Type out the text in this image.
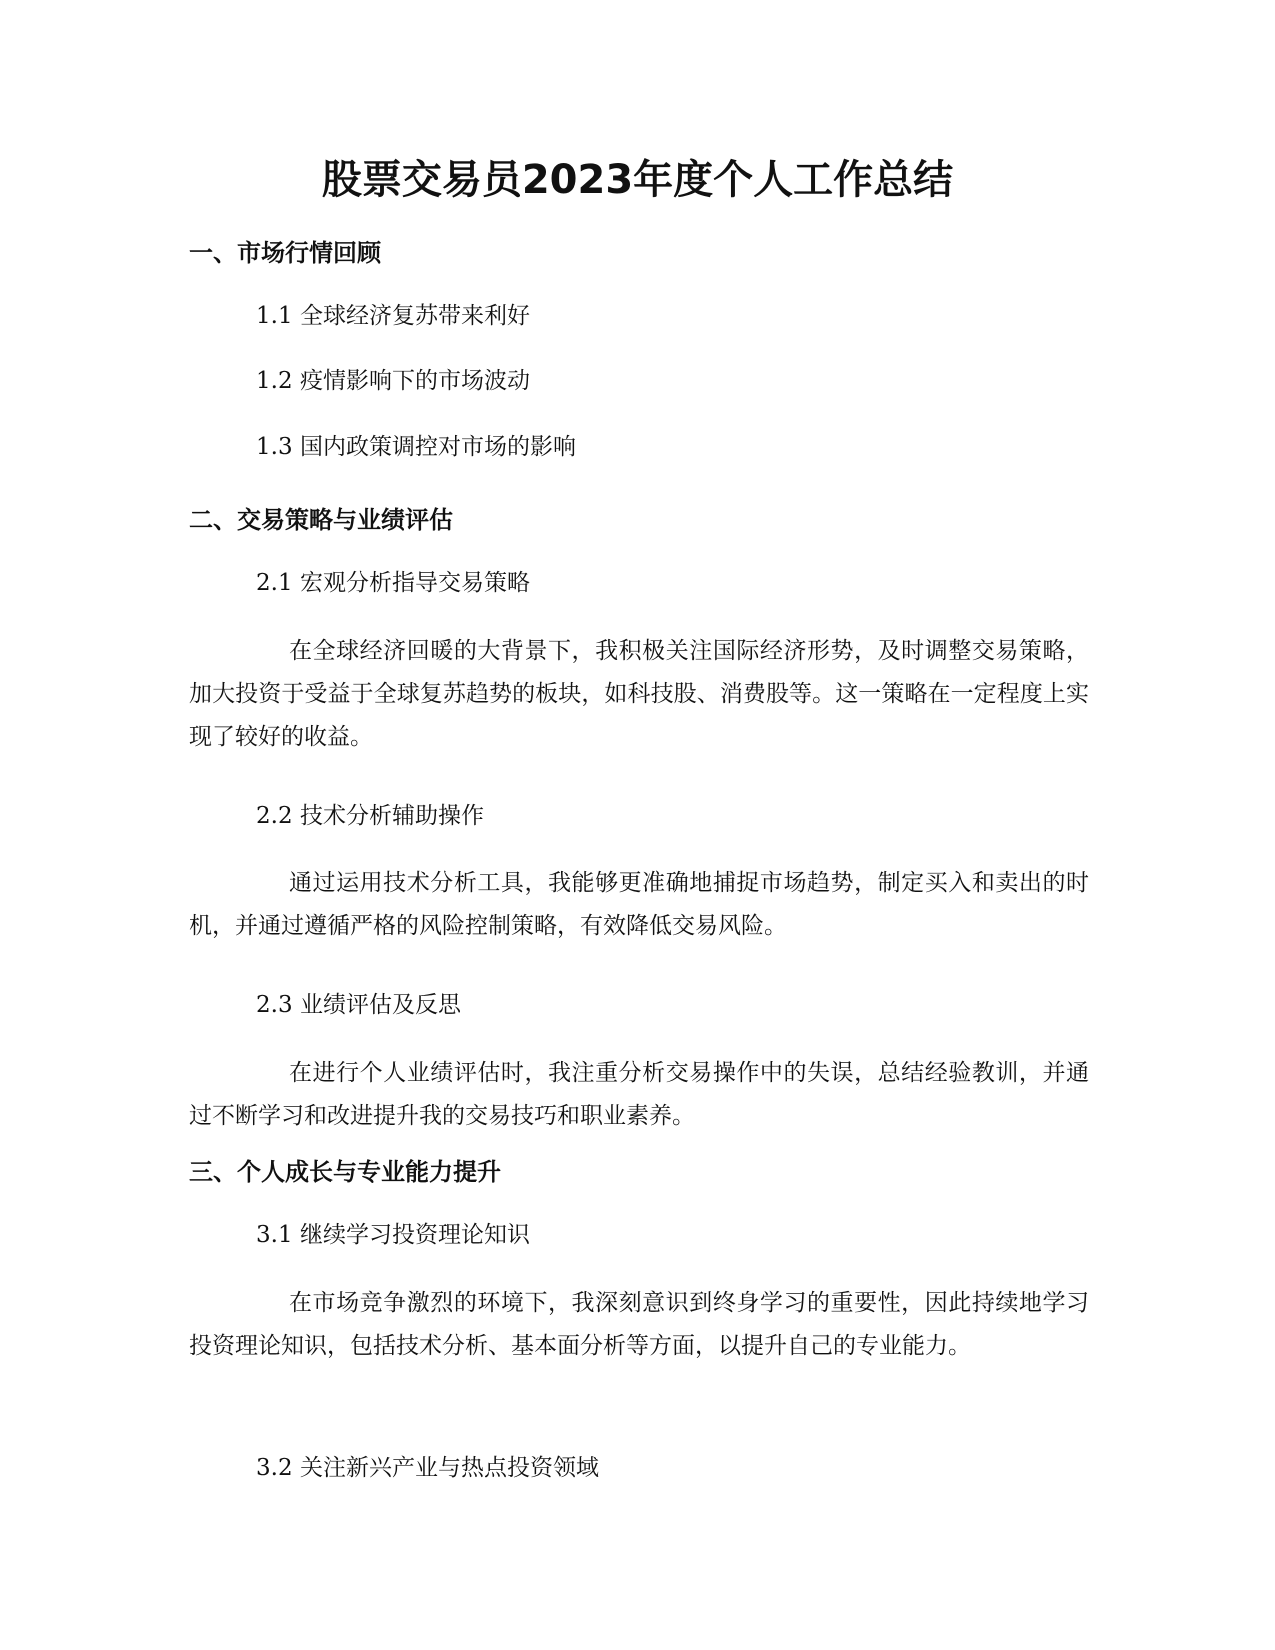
股票交易员2023年度个人工作总结
一、市场行情回顾
1.1 全球经济复苏带来利好
1.2 疫情影响下的市场波动
1.3 国内政策调控对市场的影响
二、交易策略与业绩评估
2.1 宏观分析指导交易策略

在全球经济回暖的大背景下，我积极关注国际经济形势，及时调整交易策略，加大投资于受益于全球复苏趋势的板块，如科技股、消费股等。这一策略在一定程度上实现了较好的收益。

2.2 技术分析辅助操作

通过运用技术分析工具，我能够更准确地捕捉市场趋势，制定买入和卖出的时机，并通过遵循严格的风险控制策略，有效降低交易风险。

2.3 业绩评估及反思

在进行个人业绩评估时，我注重分析交易操作中的失误，总结经验教训，并通过不断学习和改进提升我的交易技巧和职业素养。

三、个人成长与专业能力提升
3.1 继续学习投资理论知识

在市场竞争激烈的环境下，我深刻意识到终身学习的重要性，因此持续地学习投资理论知识，包括技术分析、基本面分析等方面，以提升自己的专业能力。

3.2 关注新兴产业与热点投资领域
